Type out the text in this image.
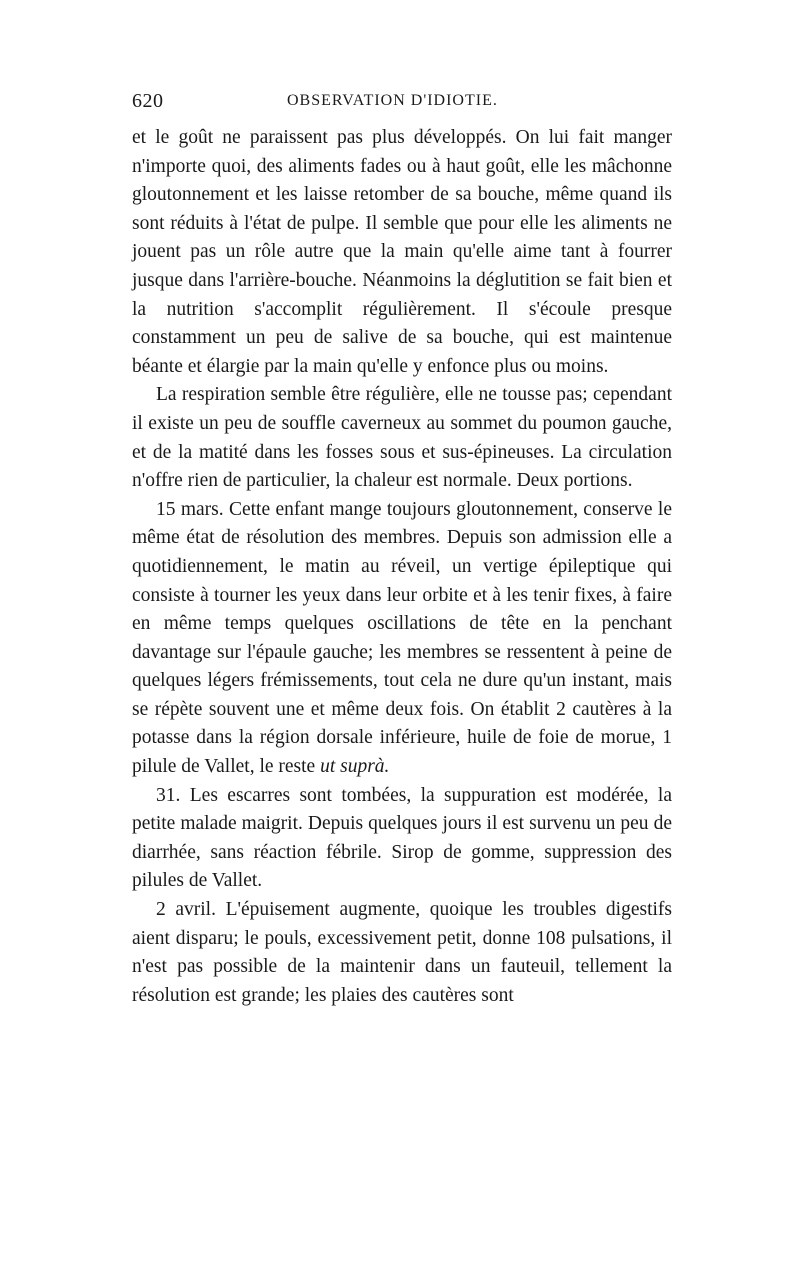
620	OBSERVATION D'IDIOTIE.

et le goût ne paraissent pas plus développés. On lui fait manger n'importe quoi, des aliments fades ou à haut goût, elle les mâchonne gloutonnement et les laisse retomber de sa bouche, même quand ils sont réduits à l'état de pulpe. Il semble que pour elle les aliments ne jouent pas un rôle autre que la main qu'elle aime tant à fourrer jusque dans l'arrière-bouche. Néanmoins la déglutition se fait bien et la nutrition s'accomplit régulièrement. Il s'écoule presque constamment un peu de salive de sa bouche, qui est maintenue béante et élargie par la main qu'elle y enfonce plus ou moins.

La respiration semble être régulière, elle ne tousse pas; cependant il existe un peu de souffle caverneux au sommet du poumon gauche, et de la matité dans les fosses sous et sus-épineuses. La circulation n'offre rien de particulier, la chaleur est normale. Deux portions.

15 mars. Cette enfant mange toujours gloutonnement, conserve le même état de résolution des membres. Depuis son admission elle a quotidiennement, le matin au réveil, un vertige épileptique qui consiste à tourner les yeux dans leur orbite et à les tenir fixes, à faire en même temps quelques oscillations de tête en la penchant davantage sur l'épaule gauche; les membres se ressentent à peine de quelques légers frémissements, tout cela ne dure qu'un instant, mais se répète souvent une et même deux fois. On établit 2 cautères à la potasse dans la région dorsale inférieure, huile de foie de morue, 1 pilule de Vallet, le reste ut suprà.

31. Les escarres sont tombées, la suppuration est modérée, la petite malade maigrit. Depuis quelques jours il est survenu un peu de diarrhée, sans réaction fébrile. Sirop de gomme, suppression des pilules de Vallet.

2 avril. L'épuisement augmente, quoique les troubles digestifs aient disparu; le pouls, excessivement petit, donne 108 pulsations, il n'est pas possible de la maintenir dans un fauteuil, tellement la résolution est grande; les plaies des cautères sont
